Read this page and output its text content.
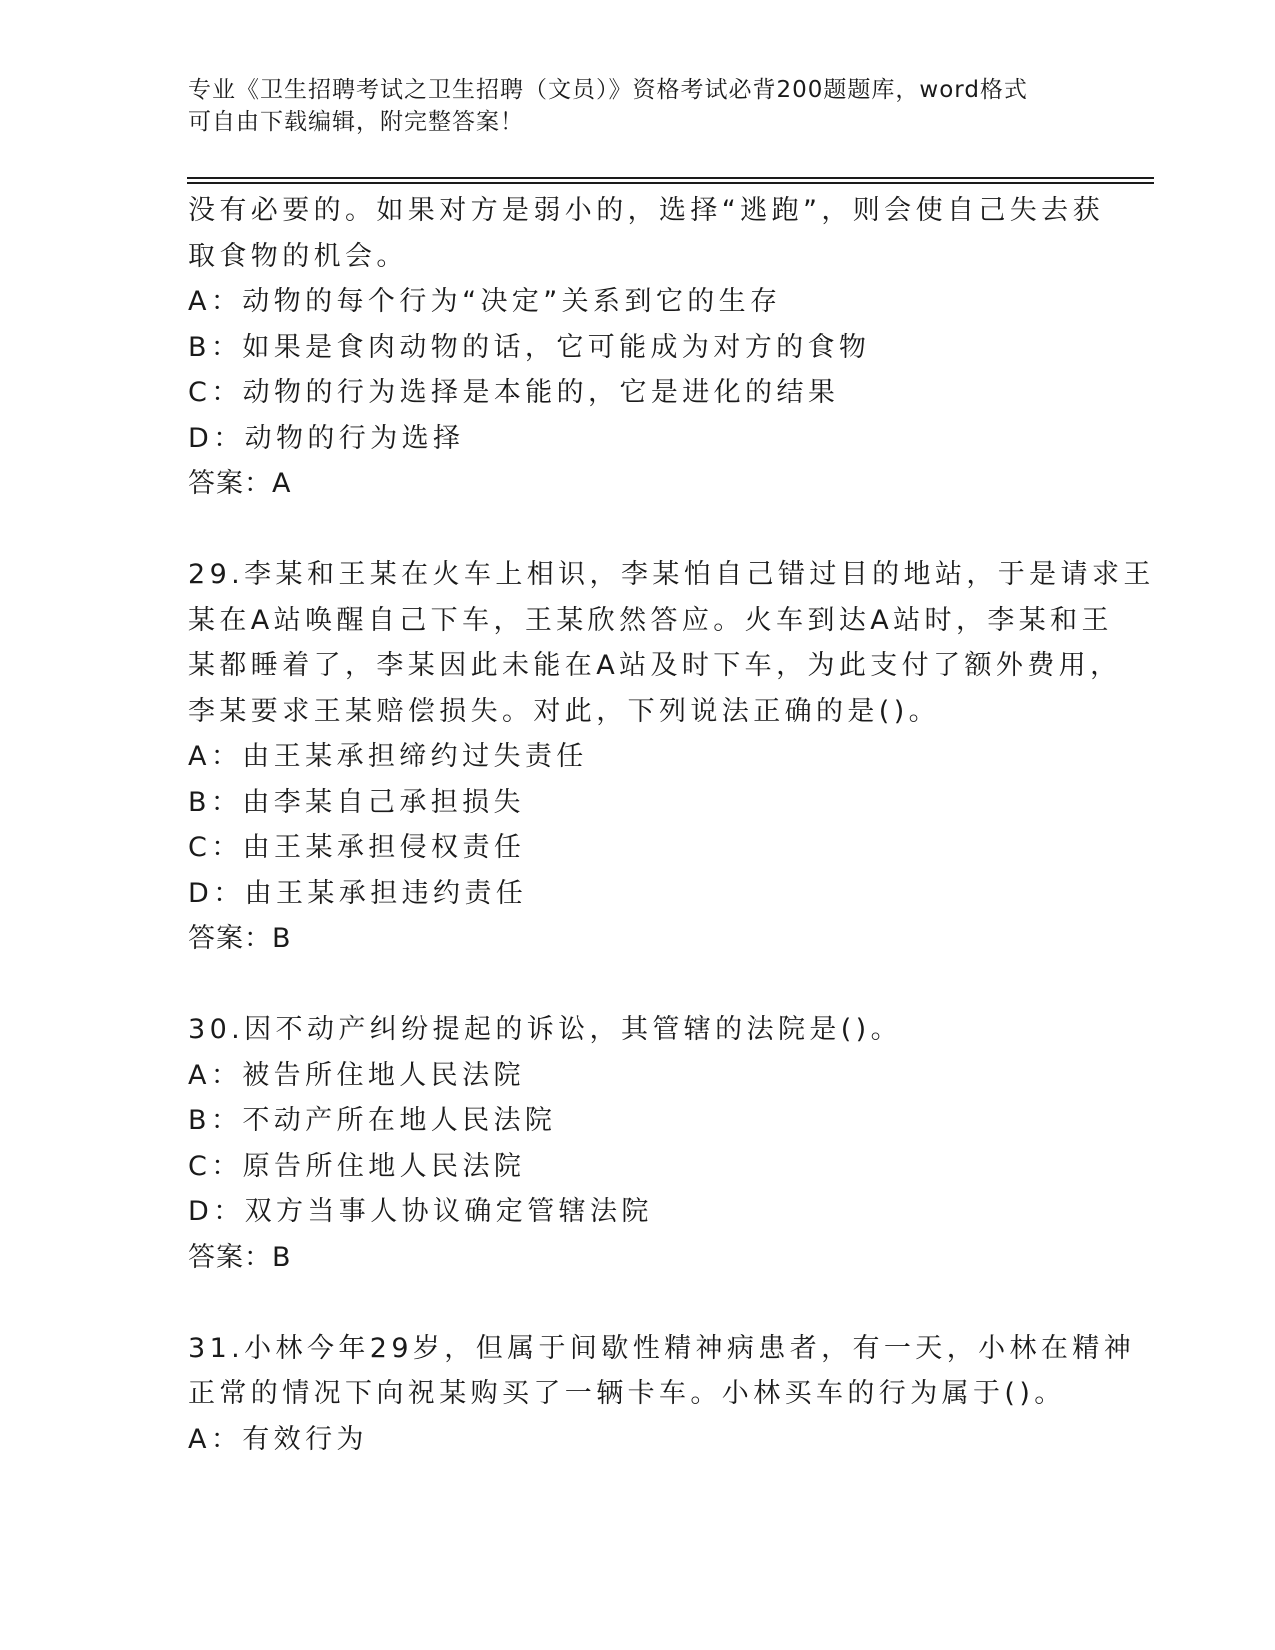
专业《卫生招聘考试之卫生招聘（文员）》资格考试必背200题题库，word格式
可自由下载编辑，附完整答案！
没有必要的。如果对方是弱小的，选择“逃跑”，则会使自己失去获
取食物的机会。
A：动物的每个行为“决定”关系到它的生存
B：如果是食肉动物的话，它可能成为对方的食物
C：动物的行为选择是本能的，它是进化的结果
D：动物的行为选择
答案：A
29.李某和王某在火车上相识，李某怕自己错过目的地站，于是请求王
某在A站唤醒自己下车，王某欣然答应。火车到达A站时，李某和王
某都睡着了，李某因此未能在A站及时下车，为此支付了额外费用，
李某要求王某赔偿损失。对此，下列说法正确的是()。
A：由王某承担缔约过失责任
B：由李某自己承担损失
C：由王某承担侵权责任
D：由王某承担违约责任
答案：B
30.因不动产纠纷提起的诉讼，其管辖的法院是()。
A：被告所住地人民法院
B：不动产所在地人民法院
C：原告所住地人民法院
D：双方当事人协议确定管辖法院
答案：B
31.小林今年29岁，但属于间歇性精神病患者，有一天，小林在精神
正常的情况下向祝某购买了一辆卡车。小林买车的行为属于()。
A：有效行为
